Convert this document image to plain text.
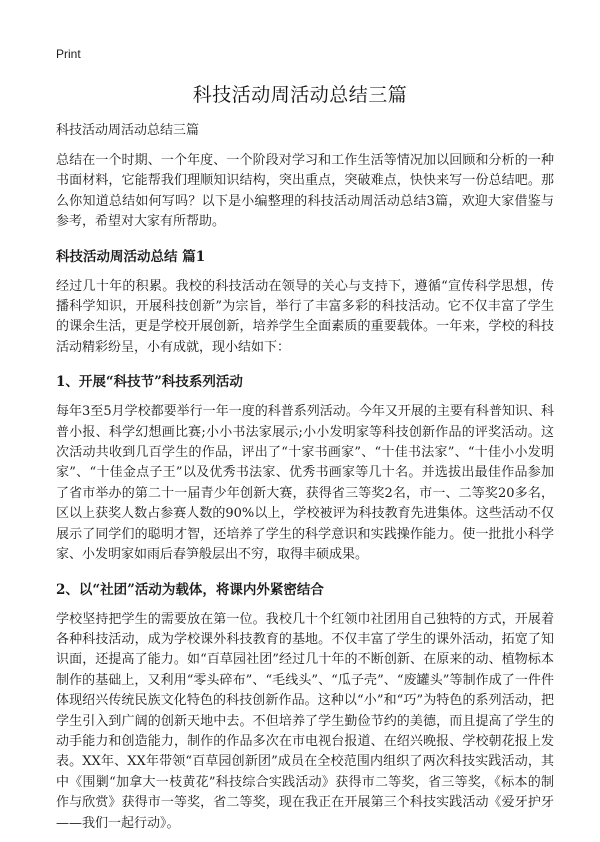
Print
科技活动周活动总结三篇
科技活动周活动总结三篇

总结在一个时期、一个年度、一个阶段对学习和工作生活等情况加以回顾和分析的一种书面材料，它能帮我们理顺知识结构，突出重点，突破难点，快快来写一份总结吧。那么你知道总结如何写吗？以下是小编整理的科技活动周活动总结3篇，欢迎大家借鉴与参考，希望对大家有所帮助。

科技活动周活动总结 篇1

经过几十年的积累。我校的科技活动在领导的关心与支持下，遵循“宣传科学思想，传播科学知识，开展科技创新”为宗旨，举行了丰富多彩的科技活动。它不仅丰富了学生的课余生活，更是学校开展创新，培养学生全面素质的重要载体。一年来，学校的科技活动精彩纷呈，小有成就，现小结如下：

1、开展“科技节”科技系列活动

每年3至5月学校都要举行一年一度的科普系列活动。今年又开展的主要有科普知识、科普小报、科学幻想画比赛;小小书法家展示;小小发明家等科技创新作品的评奖活动。这次活动共收到几百学生的作品，评出了“十家书画家”、“十佳书法家”、“十佳小小发明家”、“十佳金点子王”以及优秀书法家、优秀书画家等几十名。并选拔出最佳作品参加了省市举办的第二十一届青少年创新大赛，获得省三等奖2名，市一、二等奖20多名，区以上获奖人数占参赛人数的90%以上，学校被评为科技教育先进集体。这些活动不仅展示了同学们的聪明才智，还培养了学生的科学意识和实践操作能力。使一批批小科学家、小发明家如雨后春笋般层出不穷，取得丰硕成果。

2、以“社团”活动为载体，将课内外紧密结合

学校坚持把学生的需要放在第一位。我校几十个红领巾社团用自己独特的方式，开展着各种科技活动，成为学校课外科技教育的基地。不仅丰富了学生的课外活动，拓宽了知识面，还提高了能力。如“百草园社团”经过几十年的不断创新、在原来的动、植物标本制作的基础上，又利用“零头碎布”、“毛线头”、“瓜子壳”、“废罐头”等制作成了一件件体现绍兴传统民族文化特色的科技创新作品。这种以“小”和“巧”为特色的系列活动，把学生引入到广阔的创新天地中去。不但培养了学生勤俭节约的美德，而且提高了学生的动手能力和创造能力，制作的作品多次在市电视台报道、在绍兴晚报、学校朝花报上发表。XX年、XX年带领“百草园创新团”成员在全校范围内组织了两次科技实践活动，其中《围剿“加拿大一枝黄花”科技综合实践活动》获得市二等奖，省三等奖，《标本的制作与欣赏》获得市一等奖，省二等奖，现在我正在开展第三个科技实践活动《爱牙护牙——我们一起行动》。
